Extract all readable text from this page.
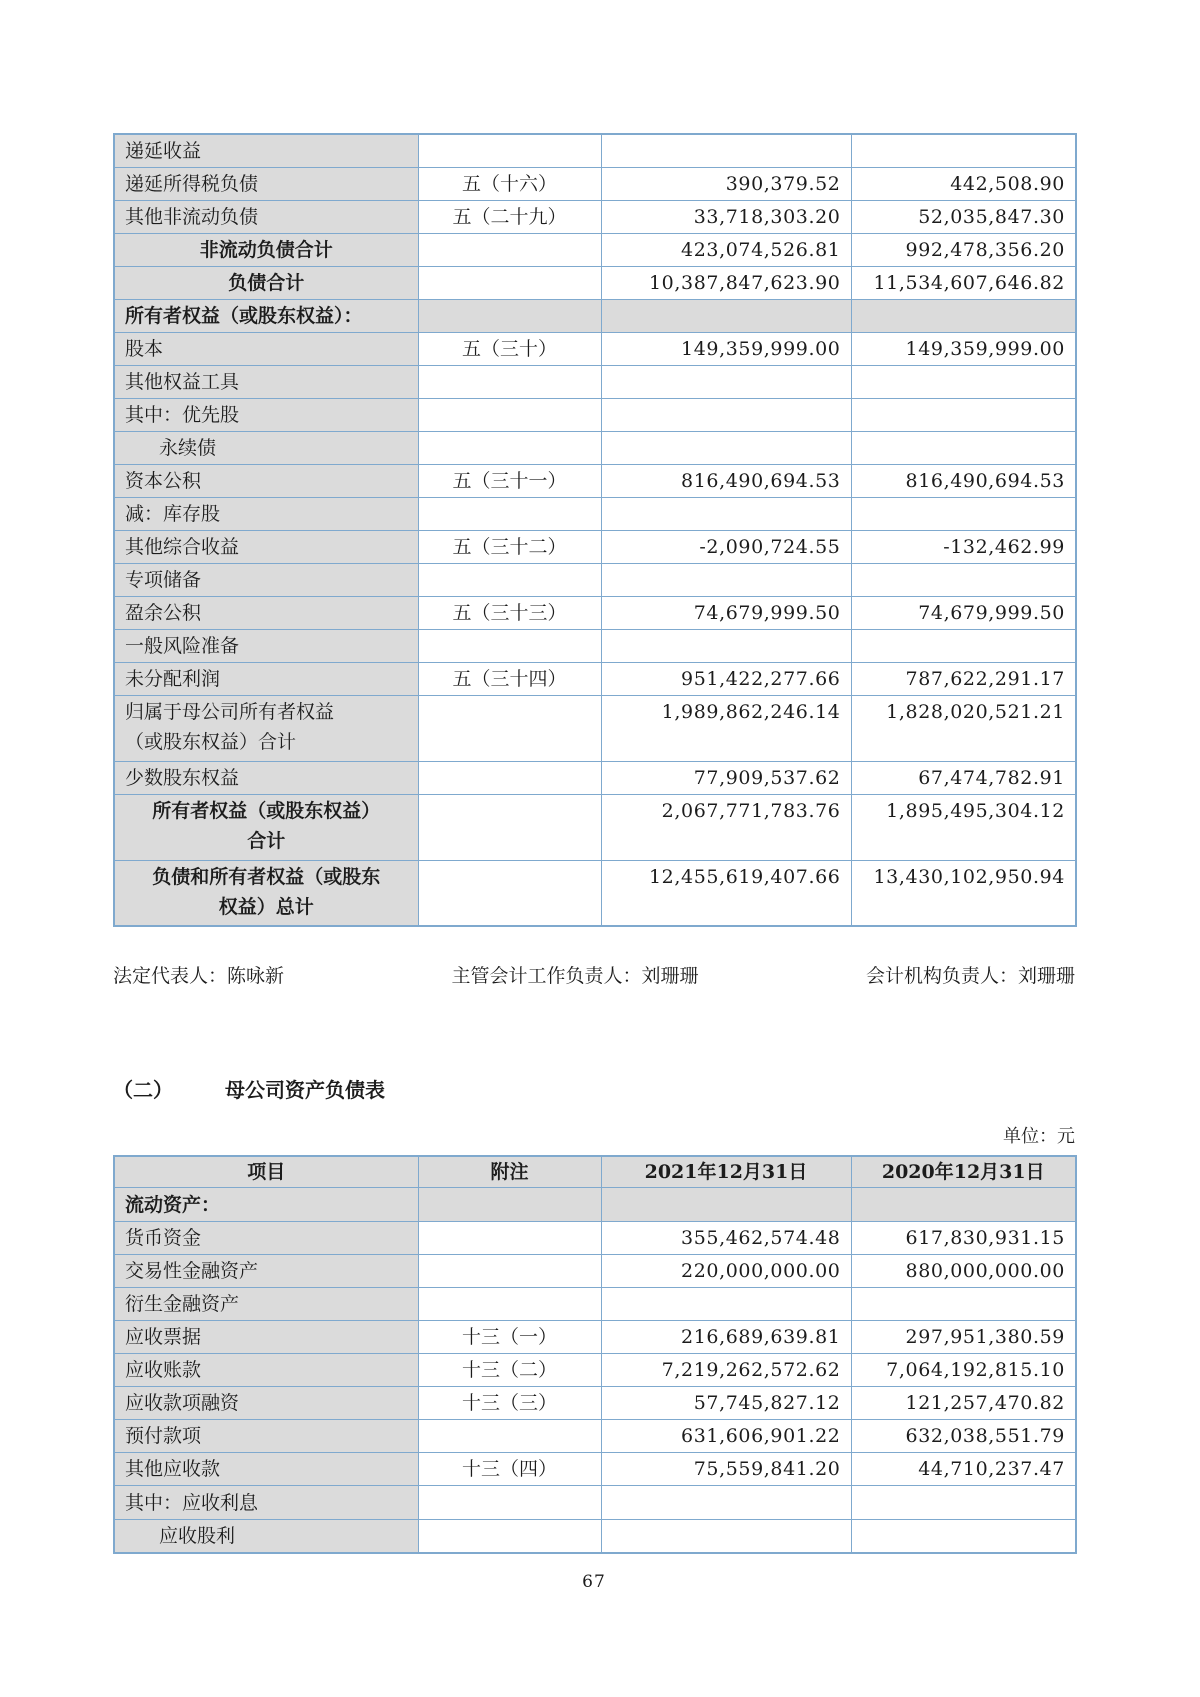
递延收益			
递延所得税负债	五（十六）	390,379.52	442,508.90
其他非流动负债	五（二十九）	33,718,303.20	52,035,847.30
非流动负债合计		423,074,526.81	992,478,356.20
负债合计		10,387,847,623.90	11,534,607,646.82
所有者权益（或股东权益）：			
股本	五（三十）	149,359,999.00	149,359,999.00
其他权益工具			
其中：优先股			
永续债			
资本公积	五（三十一）	816,490,694.53	816,490,694.53
减：库存股			
其他综合收益	五（三十二）	-2,090,724.55	-132,462.99
专项储备			
盈余公积	五（三十三）	74,679,999.50	74,679,999.50
一般风险准备			
未分配利润	五（三十四）	951,422,277.66	787,622,291.17
归属于母公司所有者权益（或股东权益）合计		1,989,862,246.14	1,828,020,521.21
少数股东权益		77,909,537.62	67,474,782.91
所有者权益（或股东权益）合计		2,067,771,783.76	1,895,495,304.12
负债和所有者权益（或股东权益）总计		12,455,619,407.66	13,430,102,950.94
法定代表人：陈咏新	主管会计工作负责人：刘珊珊	会计机构负责人：刘珊珊
（二）	母公司资产负债表
单位：元
项目	附注	2021年12月31日	2020年12月31日
流动资产：			
货币资金		355,462,574.48	617,830,931.15
交易性金融资产		220,000,000.00	880,000,000.00
衍生金融资产			
应收票据	十三（一）	216,689,639.81	297,951,380.59
应收账款	十三（二）	7,219,262,572.62	7,064,192,815.10
应收款项融资	十三（三）	57,745,827.12	121,257,470.82
预付款项		631,606,901.22	632,038,551.79
其他应收款	十三（四）	75,559,841.20	44,710,237.47
其中：应收利息			
应收股利			
67
